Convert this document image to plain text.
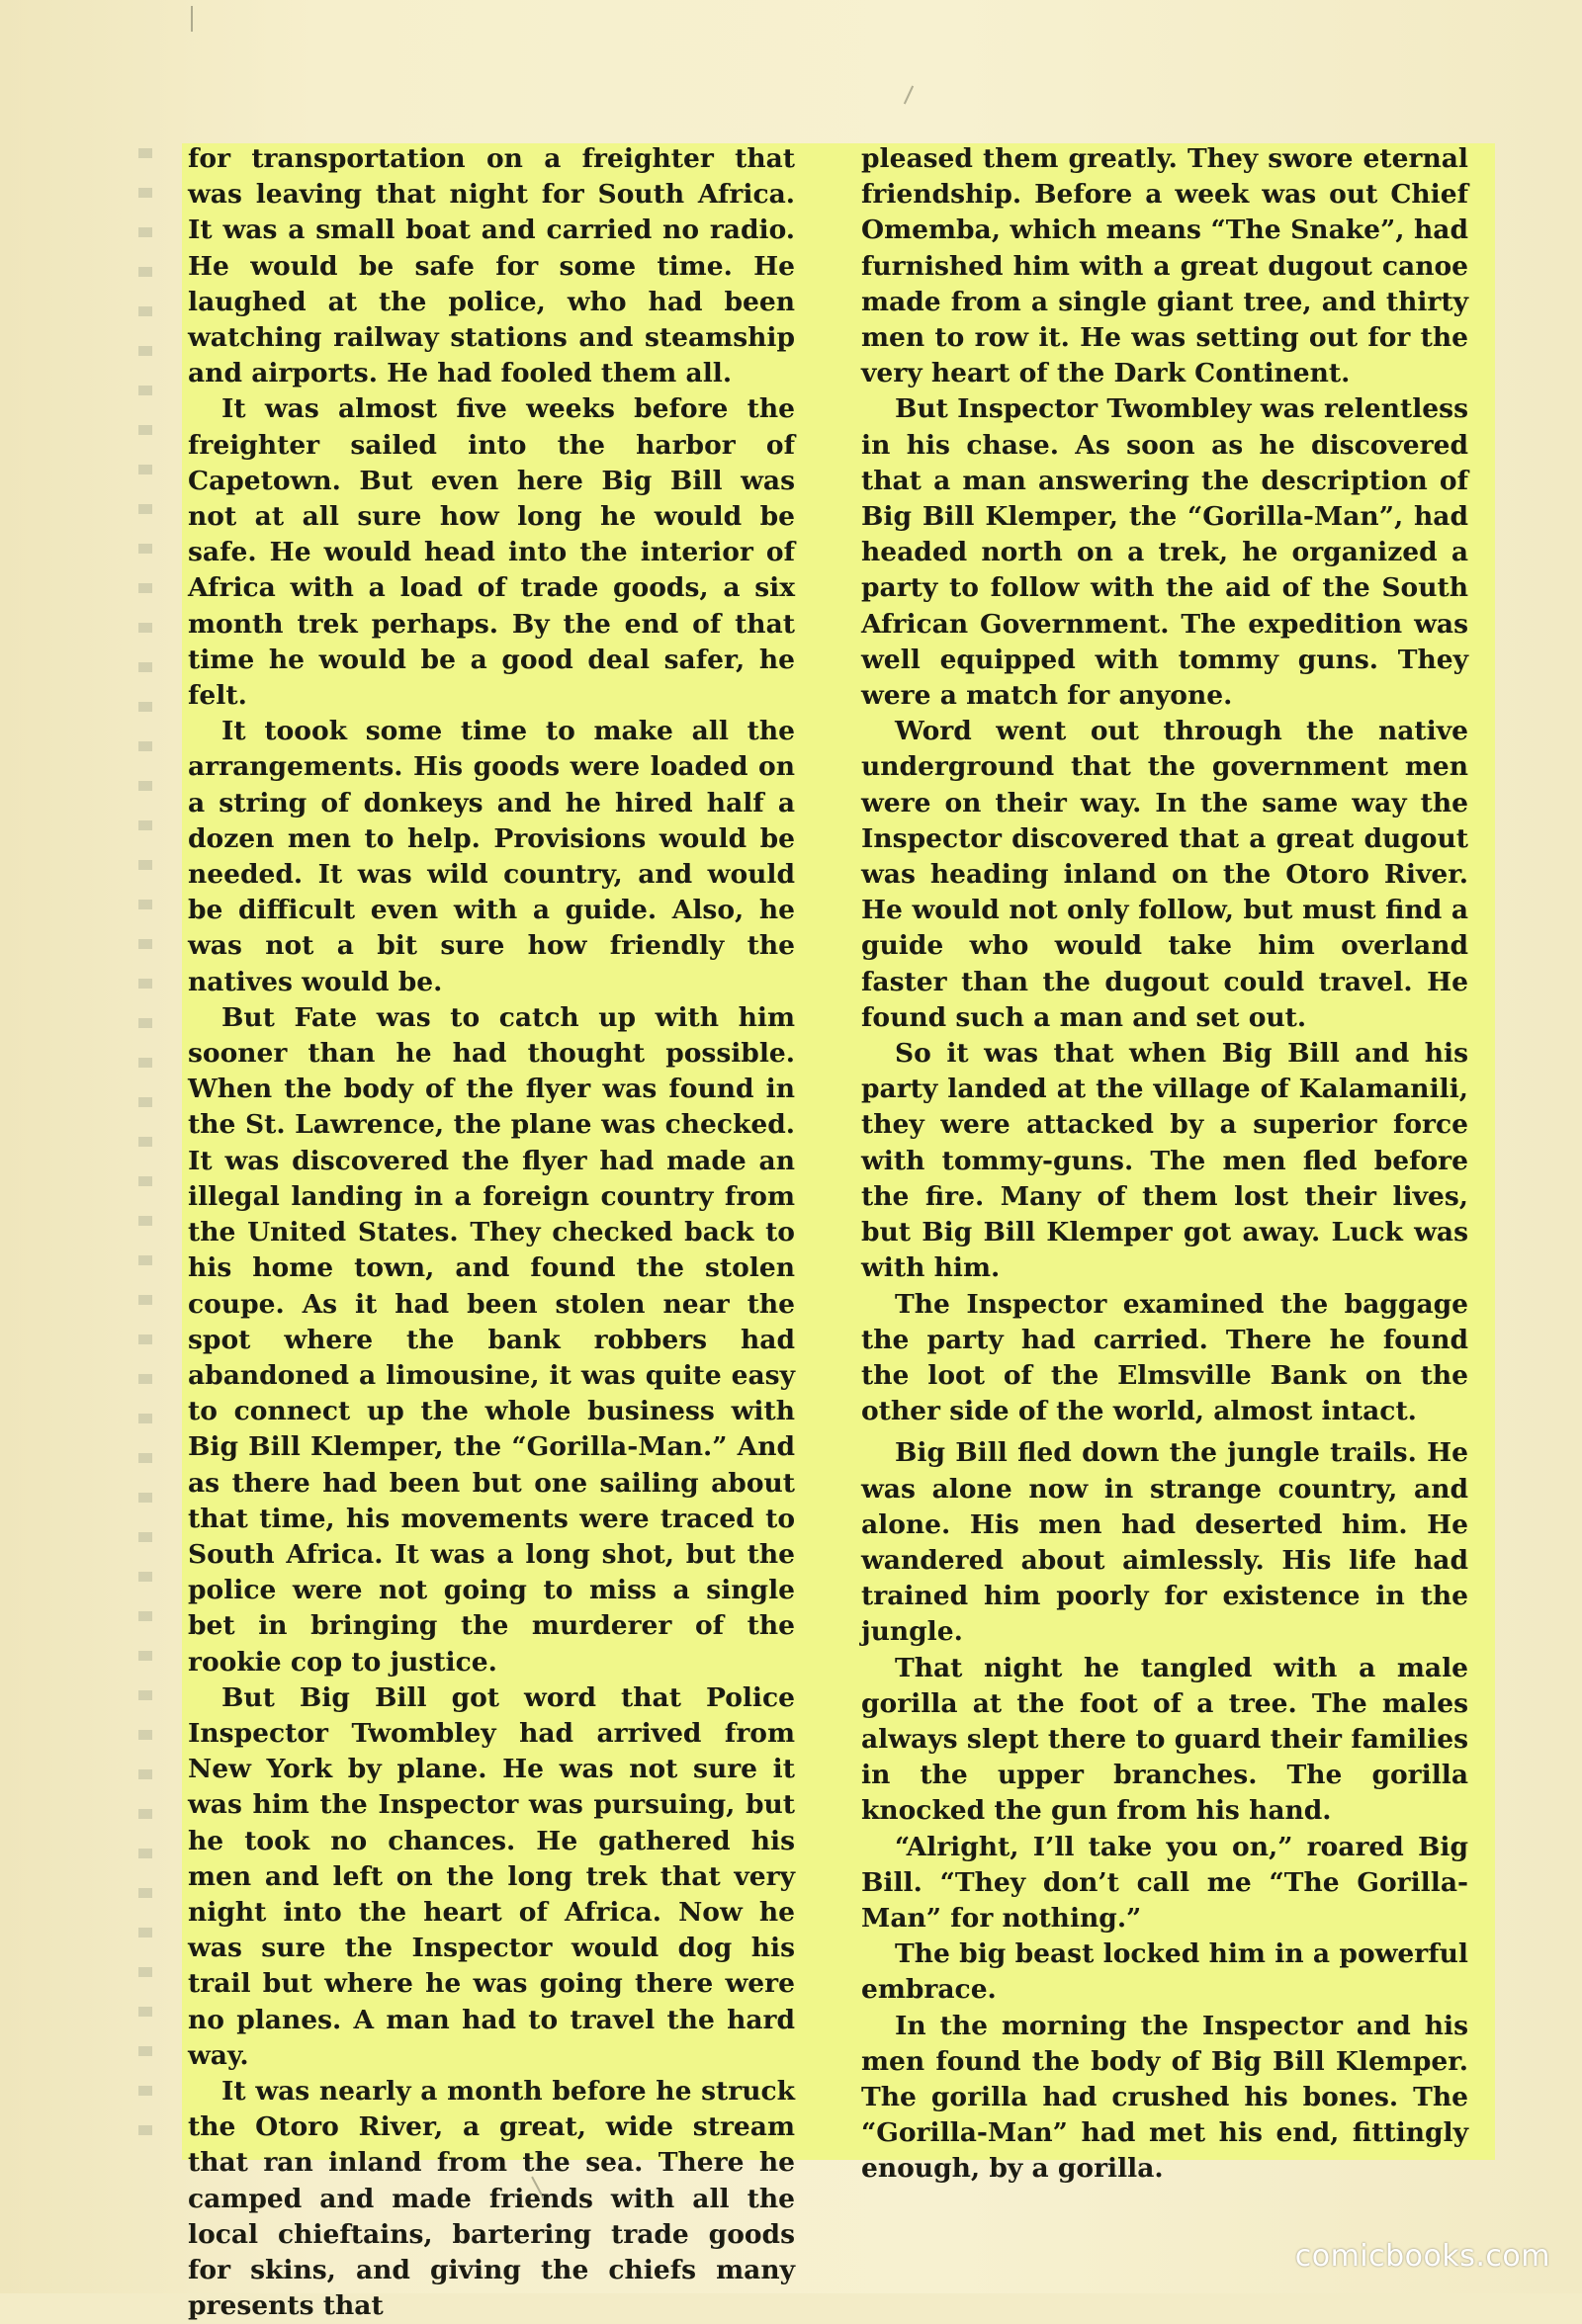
for transportation on a freighter that was leaving that night for South Africa. It was a small boat and carried no radio. He would be safe for some time. He laughed at the police, who had been watching railway stations and steamship and airports. He had fooled them all.

It was almost five weeks before the freighter sailed into the harbor of Capetown. But even here Big Bill was not at all sure how long he would be safe. He would head into the interior of Africa with a load of trade goods, a six month trek perhaps. By the end of that time he would be a good deal safer, he felt.

It toook some time to make all the arrangements. His goods were loaded on a string of donkeys and he hired half a dozen men to help. Provisions would be needed. It was wild country, and would be difficult even with a guide. Also, he was not a bit sure how friendly the natives would be.

But Fate was to catch up with him sooner than he had thought possible. When the body of the flyer was found in the St. Lawrence, the plane was checked. It was discovered the flyer had made an illegal landing in a foreign country from the United States. They checked back to his home town, and found the stolen coupe. As it had been stolen near the spot where the bank robbers had abandoned a limousine, it was quite easy to connect up the whole business with Big Bill Klemper, the “Gorilla-Man.” And as there had been but one sailing about that time, his movements were traced to South Africa. It was a long shot, but the police were not going to miss a single bet in bringing the murderer of the rookie cop to justice.

But Big Bill got word that Police Inspector Twombley had arrived from New York by plane. He was not sure it was him the Inspector was pursuing, but he took no chances. He gathered his men and left on the long trek that very night into the heart of Africa. Now he was sure the Inspector would dog his trail but where he was going there were no planes. A man had to travel the hard way.

It was nearly a month before he struck the Otoro River, a great, wide stream that ran inland from the sea. There he camped and made friends with all the local chieftains, bartering trade goods for skins, and giving the chiefs many presents that

pleased them greatly. They swore eternal friendship. Before a week was out Chief Omemba, which means “The Snake”, had furnished him with a great dugout canoe made from a single giant tree, and thirty men to row it. He was setting out for the very heart of the Dark Continent.

But Inspector Twombley was relentless in his chase. As soon as he discovered that a man answering the description of Big Bill Klemper, the “Gorilla-Man”, had headed north on a trek, he organized a party to follow with the aid of the South African Government. The expedition was well equipped with tommy guns. They were a match for anyone.

Word went out through the native underground that the government men were on their way. In the same way the Inspector discovered that a great dugout was heading inland on the Otoro River. He would not only follow, but must find a guide who would take him overland faster than the dugout could travel. He found such a man and set out.

So it was that when Big Bill and his party landed at the village of Kalamanili, they were attacked by a superior force with tommy-guns. The men fled before the fire. Many of them lost their lives, but Big Bill Klemper got away. Luck was with him.

The Inspector examined the baggage the party had carried. There he found the loot of the Elmsville Bank on the other side of the world, almost intact.

Big Bill fled down the jungle trails. He was alone now in strange country, and alone. His men had deserted him. He wandered about aimlessly. His life had trained him poorly for existence in the jungle.

That night he tangled with a male gorilla at the foot of a tree. The males always slept there to guard their families in the upper branches. The gorilla knocked the gun from his hand.

“Alright, I’ll take you on,” roared Big Bill. “They don’t call me “The Gorilla-Man” for nothing.”

The big beast locked him in a powerful embrace.

In the morning the Inspector and his men found the body of Big Bill Klemper. The gorilla had crushed his bones. The “Gorilla-Man” had met his end, fittingly enough, by a gorilla.

comicbooks.com
